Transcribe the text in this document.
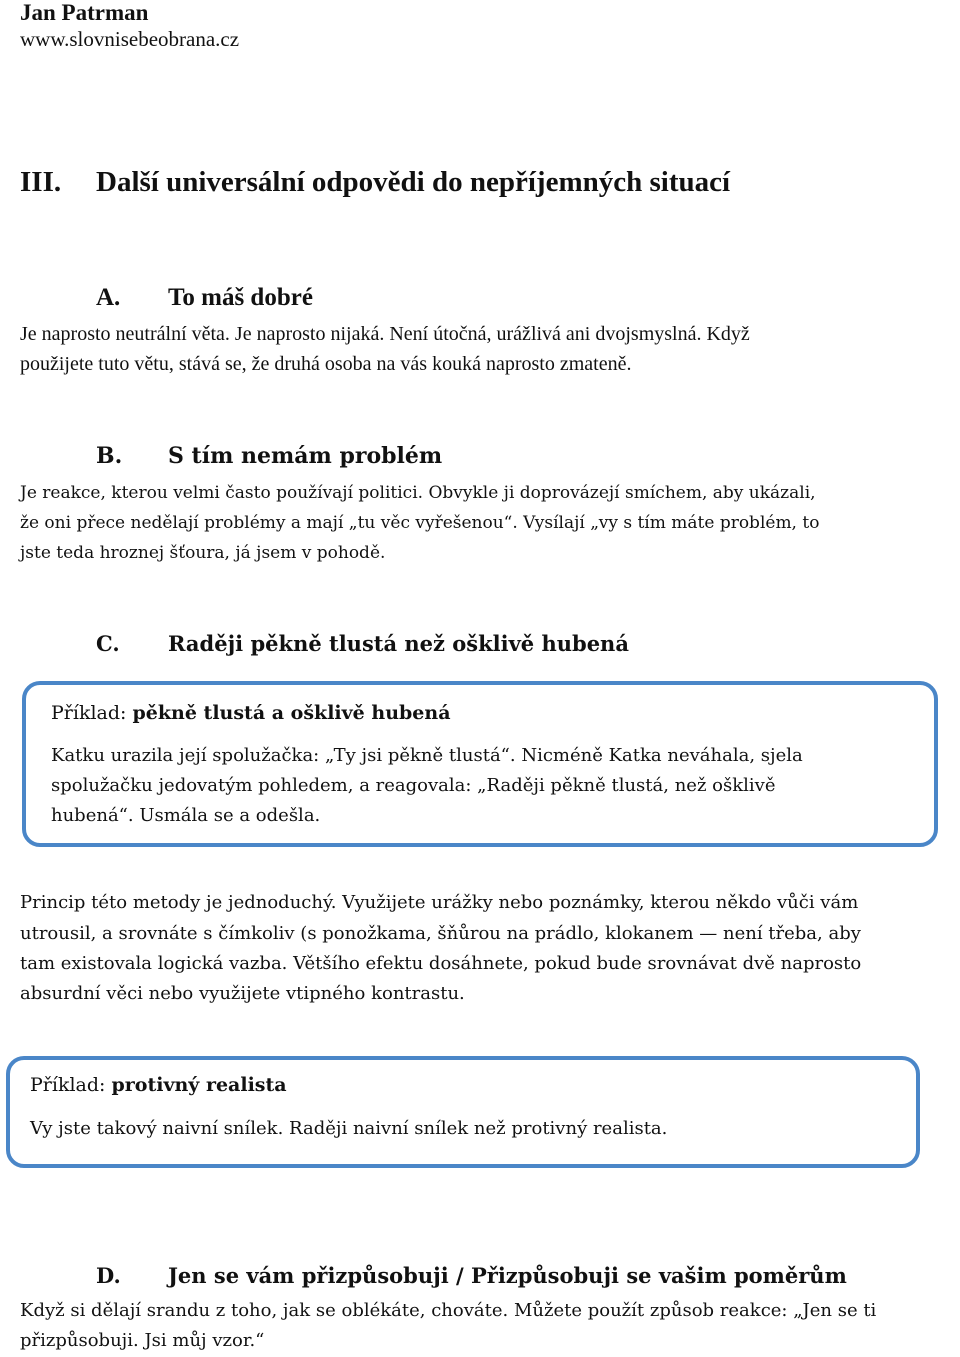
Jan Patrman
www.slovnisebeobrana.cz
III. Další universální odpovědi do nepříjemných situací
A. To máš dobré
Je naprosto neutrální věta. Je naprosto nijaká. Není útočná, urážlivá ani dvojsmyslná. Když
použijete tuto větu, stává se, že druhá osoba na vás kouká naprosto zmateně.
B. S tím nemám problém
Je reakce, kterou velmi často používají politici. Obvykle ji doprovázejí smíchem, aby ukázali,
že oni přece nedělají problémy a mají „tu věc vyřešenou“. Vysílají „vy s tím máte problém, to
jste teda hroznej šťoura, já jsem v pohodě.
C. Raději pěkně tlustá než ošklivě hubená
Příklad: pěkně tlustá a ošklivě hubená
Katku urazila její spolužačka: „Ty jsi pěkně tlustá“. Nicméně Katka neváhala, sjela
spolužačku jedovatým pohledem, a reagovala: „Raději pěkně tlustá, než ošklivě
hubená“. Usmála se a odešla.
Princip této metody je jednoduchý. Využijete urážky nebo poznámky, kterou někdo vůči vám
utrousil, a srovnáte s čímkoliv (s ponožkama, šňůrou na prádlo, klokanem — není třeba, aby
tam existovala logická vazba. Většího efektu dosáhnete, pokud bude srovnávat dvě naprosto
absurdní věci nebo využijete vtipného kontrastu.
Příklad: protivný realista
Vy jste takový naivní snílek. Raději naivní snílek než protivný realista.
D. Jen se vám přizpůsobuji / Přizpůsobuji se vašim poměrům
Když si dělají srandu z toho, jak se oblékáte, chováte. Můžete použít způsob reakce: „Jen se ti
přizpůsobuji. Jsi můj vzor.“
